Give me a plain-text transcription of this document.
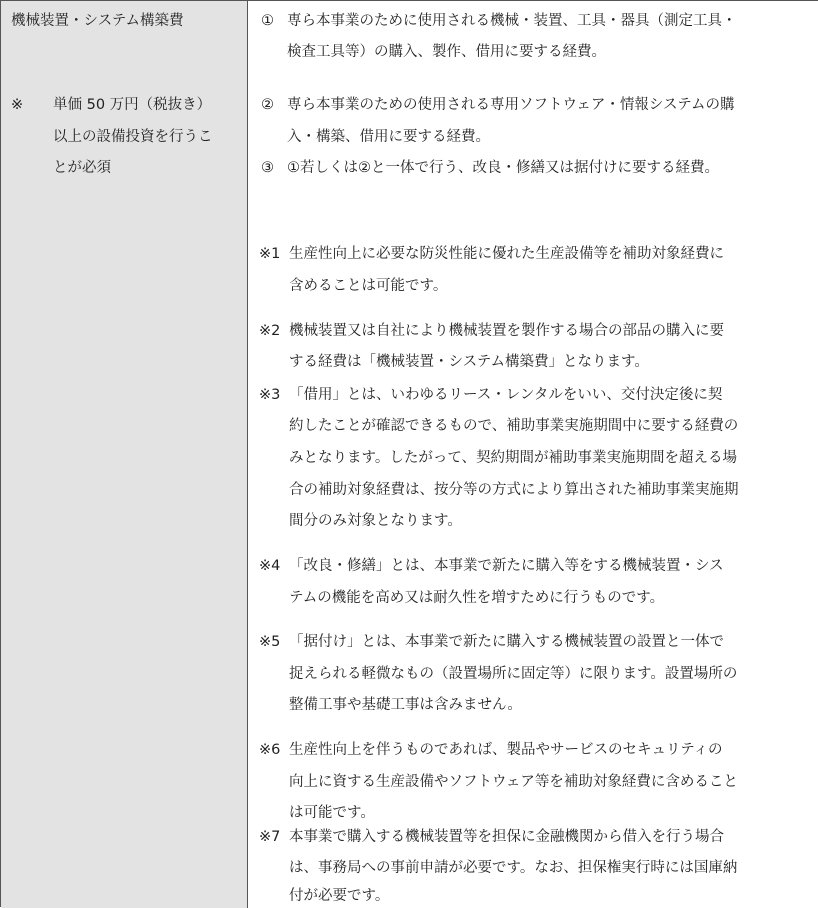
機械装置・システム構築費
※ 単価 50 万円（税抜き）
以上の設備投資を行うこ
とが必須
① 専ら本事業のために使用される機械・装置、工具・器具（測定工具・
検査工具等）の購入、製作、借用に要する経費。
② 専ら本事業のための使用される専用ソフトウェア・情報システムの購
入・構築、借用に要する経費。
③ ①若しくは②と一体で行う、改良・修繕又は据付けに要する経費。
※1 生産性向上に必要な防災性能に優れた生産設備等を補助対象経費に
含めることは可能です。
※2 機械装置又は自社により機械装置を製作する場合の部品の購入に要
する経費は「機械装置・システム構築費」となります。
※3 「借用」とは、いわゆるリース・レンタルをいい、交付決定後に契
約したことが確認できるもので、補助事業実施期間中に要する経費の
みとなります。したがって、契約期間が補助事業実施期間を超える場
合の補助対象経費は、按分等の方式により算出された補助事業実施期
間分のみ対象となります。
※4 「改良・修繕」とは、本事業で新たに購入等をする機械装置・シス
テムの機能を高め又は耐久性を増すために行うものです。
※5 「据付け」とは、本事業で新たに購入する機械装置の設置と一体で
捉えられる軽微なもの（設置場所に固定等）に限ります。設置場所の
整備工事や基礎工事は含みません。
※6 生産性向上を伴うものであれば、製品やサービスのセキュリティの
向上に資する生産設備やソフトウェア等を補助対象経費に含めること
は可能です。
※7 本事業で購入する機械装置等を担保に金融機関から借入を行う場合
は、事務局への事前申請が必要です。なお、担保権実行時には国庫納
付が必要です。
